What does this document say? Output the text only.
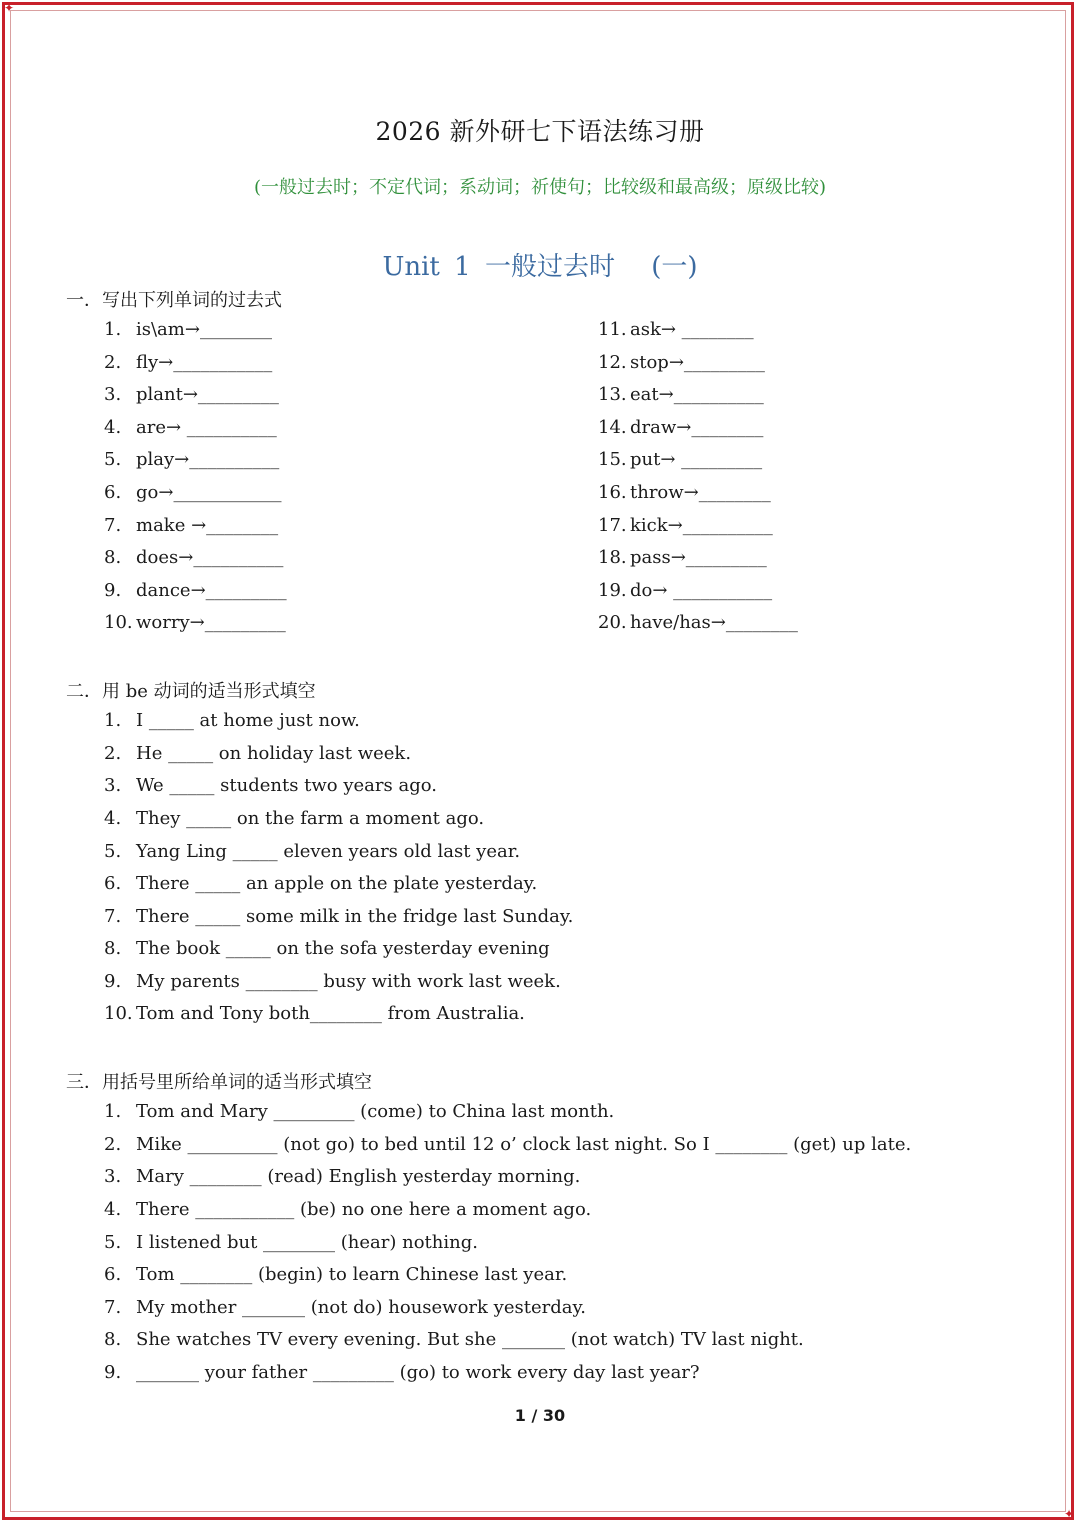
✦
✦
2026 新外研七下语法练习册
(一般过去时；不定代词；系动词；祈使句；比较级和最高级；原级比较)
Unit 1 一般过去时 (一)
一．写出下列单词的过去式
1. is\am→________
2. fly→___________
3. plant→_________
4. are→ __________
5. play→__________
6. go→____________
7. make →________
8. does→__________
9. dance→_________
10. worry→_________
11. ask→ ________
12. stop→_________
13. eat→__________
14. draw→________
15. put→ _________
16. throw→________
17. kick→__________
18. pass→_________
19. do→ ___________
20. have/has→________
二．用 be 动词的适当形式填空
1. I _____ at home just now.
2. He _____ on holiday last week.
3. We _____ students two years ago.
4. They _____ on the farm a moment ago.
5. Yang Ling _____ eleven years old last year.
6. There _____ an apple on the plate yesterday.
7. There _____ some milk in the fridge last Sunday.
8. The book _____ on the sofa yesterday evening
9. My parents ________ busy with work last week.
10. Tom and Tony both________ from Australia.
三．用括号里所给单词的适当形式填空
1. Tom and Mary _________ (come) to China last month.
2. Mike __________ (not go) to bed until 12 o’ clock last night. So I ________ (get) up late.
3. Mary ________ (read) English yesterday morning.
4. There ___________ (be) no one here a moment ago.
5. I listened but ________ (hear) nothing.
6. Tom ________ (begin) to learn Chinese last year.
7. My mother _______ (not do) housework yesterday.
8. She watches TV every evening. But she _______ (not watch) TV last night.
9. _______ your father _________ (go) to work every day last year?
1 / 30
